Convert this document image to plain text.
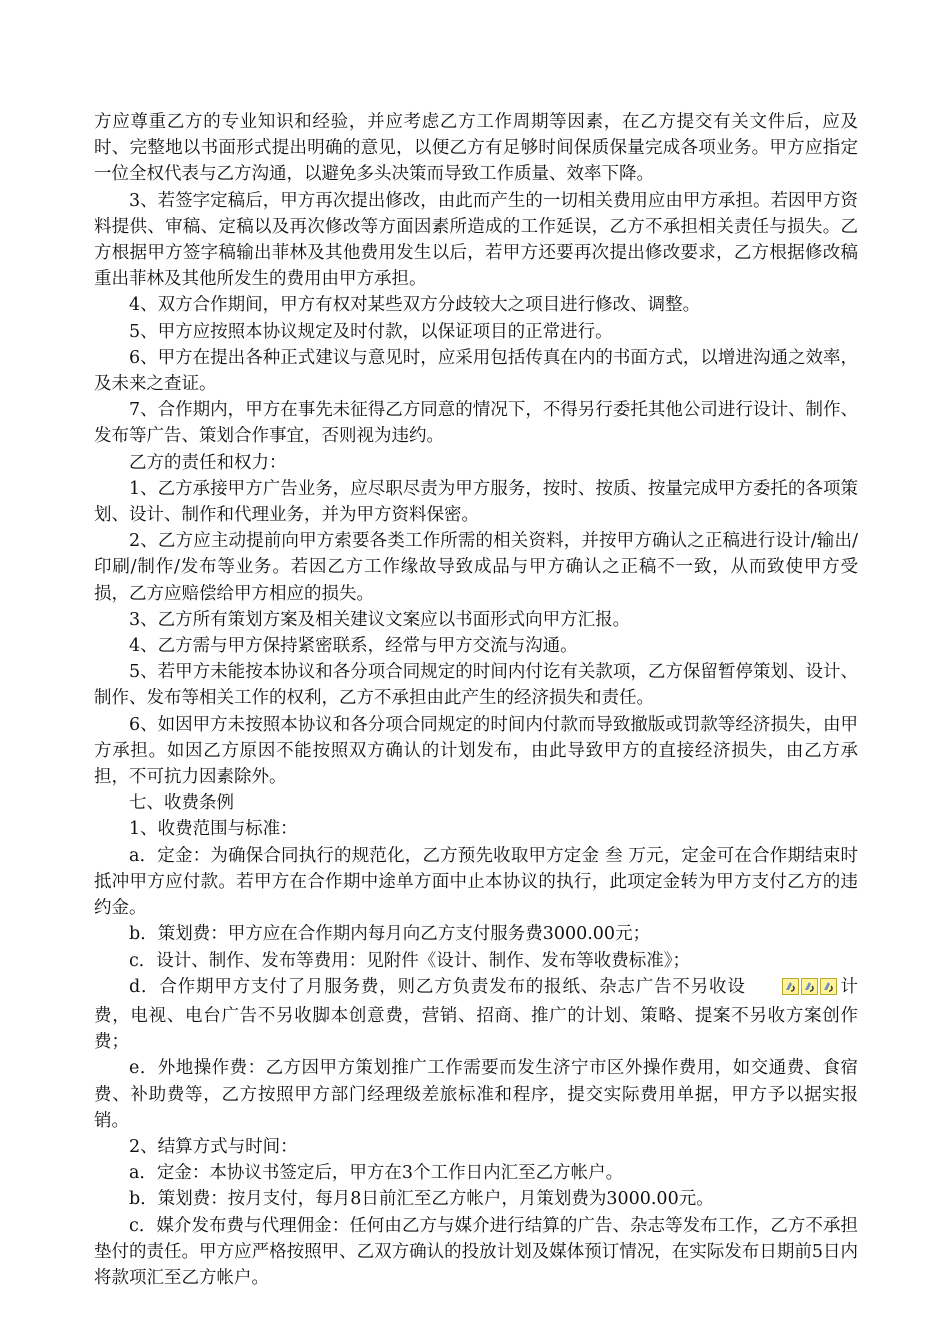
方应尊重乙方的专业知识和经验，并应考虑乙方工作周期等因素，在乙方提交有关文件后，应及时、完整地以书面形式提出明确的意见，以便乙方有足够时间保质保量完成各项业务。甲方应指定一位全权代表与乙方沟通，以避免多头决策而导致工作质量、效率下降。

3、若签字定稿后，甲方再次提出修改，由此而产生的一切相关费用应由甲方承担。若因甲方资料提供、审稿、定稿以及再次修改等方面因素所造成的工作延误，乙方不承担相关责任与损失。乙方根据甲方签字稿输出菲林及其他费用发生以后，若甲方还要再次提出修改要求，乙方根据修改稿重出菲林及其他所发生的费用由甲方承担。

4、双方合作期间，甲方有权对某些双方分歧较大之项目进行修改、调整。

5、甲方应按照本协议规定及时付款，以保证项目的正常进行。

6、甲方在提出各种正式建议与意见时，应采用包括传真在内的书面方式，以增进沟通之效率，及未来之查证。

7、合作期内，甲方在事先未征得乙方同意的情况下，不得另行委托其他公司进行设计、制作、发布等广告、策划合作事宜，否则视为违约。

乙方的责任和权力：

1、乙方承接甲方广告业务，应尽职尽责为甲方服务，按时、按质、按量完成甲方委托的各项策划、设计、制作和代理业务，并为甲方资料保密。

2、乙方应主动提前向甲方索要各类工作所需的相关资料，并按甲方确认之正稿进行设计/输出/印刷/制作/发布等业务。若因乙方工作缘故导致成品与甲方确认之正稿不一致，从而致使甲方受损，乙方应赔偿给甲方相应的损失。

3、乙方所有策划方案及相关建议文案应以书面形式向甲方汇报。

4、乙方需与甲方保持紧密联系，经常与甲方交流与沟通。

5、若甲方未能按本协议和各分项合同规定的时间内付讫有关款项，乙方保留暂停策划、设计、制作、发布等相关工作的权利，乙方不承担由此产生的经济损失和责任。

6、如因甲方未按照本协议和各分项合同规定的时间内付款而导致撤版或罚款等经济损失，由甲方承担。如因乙方原因不能按照双方确认的计划发布，由此导致甲方的直接经济损失，由乙方承担，不可抗力因素除外。

七、收费条例

1、收费范围与标准：

a．定金：为确保合同执行的规范化，乙方预先收取甲方定金 叁 万元，定金可在合作期结束时抵冲甲方应付款。若甲方在合作期中途单方面中止本协议的执行，此项定金转为甲方支付乙方的违约金。

b．策划费：甲方应在合作期内每月向乙方支付服务费3000.00元；

c．设计、制作、发布等费用：见附件《设计、制作、发布等收费标准》；

d．合作期甲方支付了月服务费，则乙方负责发布的报纸、杂志广告不另收设	计费，电视、电台广告不另收脚本创意费，营销、招商、推广的计划、策略、提案不另收方案创作费；

e．外地操作费：乙方因甲方策划推广工作需要而发生济宁市区外操作费用，如交通费、食宿费、补助费等，乙方按照甲方部门经理级差旅标准和程序，提交实际费用单据，甲方予以据实报销。

2、结算方式与时间：

a．定金：本协议书签定后，甲方在3个工作日内汇至乙方帐户。

b．策划费：按月支付，每月8日前汇至乙方帐户，月策划费为3000.00元。

c．媒介发布费与代理佣金：任何由乙方与媒介进行结算的广告、杂志等发布工作，乙方不承担垫付的责任。甲方应严格按照甲、乙双方确认的投放计划及媒体预订情况，在实际发布日期前5日内将款项汇至乙方帐户。
